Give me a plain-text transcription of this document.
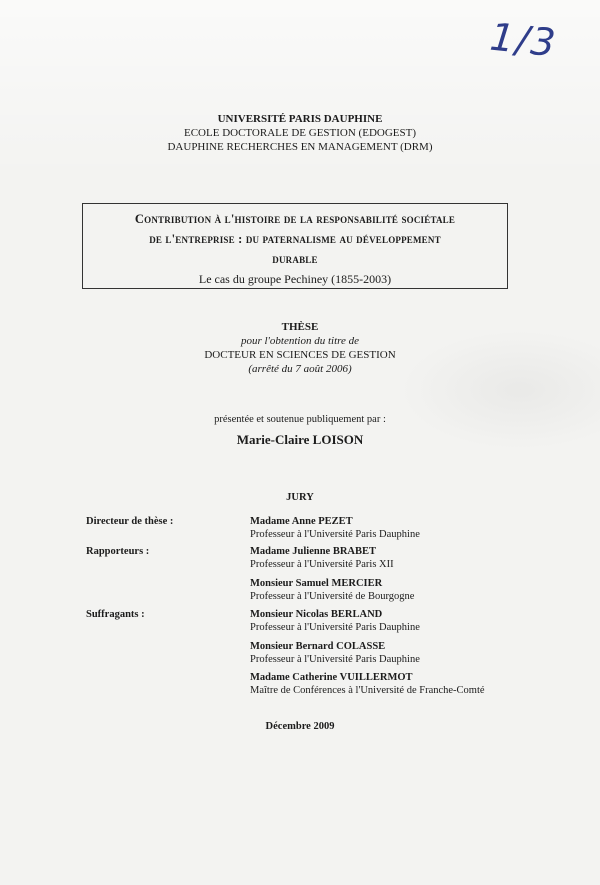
1/3
UNIVERSITÉ PARIS DAUPHINE
ECOLE DOCTORALE DE GESTION (EDOGEST)
DAUPHINE RECHERCHES EN MANAGEMENT (DRM)
Contribution à l'histoire de la responsabilité sociétale
de l'entreprise : du paternalisme au développement
durable
Le cas du groupe Pechiney (1855-2003)
THÈSE
pour l'obtention du titre de
DOCTEUR EN SCIENCES DE GESTION
(arrêté du 7 août 2006)
présentée et soutenue publiquement par :
Marie-Claire LOISON
JURY
Directeur de thèse :
Rapporteurs :
Suffragants :
Madame Anne PEZET
Professeur à l'Université Paris Dauphine
Madame Julienne BRABET
Professeur à l'Université Paris XII
Monsieur Samuel MERCIER
Professeur à l'Université de Bourgogne
Monsieur Nicolas BERLAND
Professeur à l'Université Paris Dauphine
Monsieur Bernard COLASSE
Professeur à l'Université Paris Dauphine
Madame Catherine VUILLERMOT
Maître de Conférences à l'Université de Franche-Comté
Décembre 2009
